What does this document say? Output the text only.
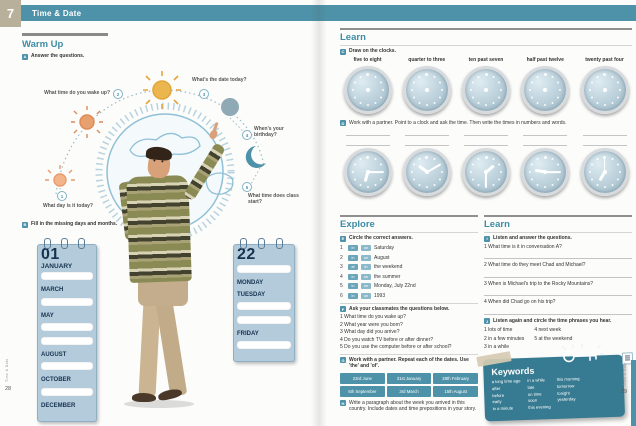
7	Time & Date
Warm Up
A Answer the questions.
B Fill in the missing days and months.
1
What day is it today?
2
What time do you wake up?	3
What's the date today?
4
When's your birthday?
5
What time does class start?
01
JANUARY
MARCH
MAY
AUGUST
OCTOBER
DECEMBER
22
MONDAY
TUESDAY
FRIDAY
Learn
C Draw on the clocks.
five to eight	quarter to three	ten past seven	half past twelve	twenty past four
D Work with a partner. Point to a clock and ask the time. Then write the times in numbers and words.
Explore
E Circle the correct answers.
1	in	on	Saturday
2	in	on	August
3	at	in	the weekend
4	in	on	the summer
5	in	on	Monday, July 22nd
6	in	on	1993
F Ask your classmates the questions below.
1 What time do you wake up?
2 What year were you born?
3 What day did you arrive?
4 Do you watch TV before or after dinner?
5 Do you use the computer before or after school?
G Work with a partner. Repeat each of the dates. Use 'the' and 'of'.
23rd June	31st January	28th February
6th September	3rd March	15th August
H Write a paragraph about the week you arrived in this country. Include dates and time prepositions in your story.
Learn
I	Listen and answer the questions.
1 What time is it in conversation A?
2 What time do they meet Chad and Michael?
3 When is Michael's trip to the Rocky Mountains?
4 When did Chad go on his trip?
J Listen again and circle the time phrases you hear.
1 lots of time
2 in a few minutes
3 in a while
4 next week
5 at the weekend
Keywords
a long time ago
after
before
early
in a minute
in a while
late
on time
soon
this evening
this morning
tomorrow
tonight
yesterday
Time & Date
28
Time & Date
29
